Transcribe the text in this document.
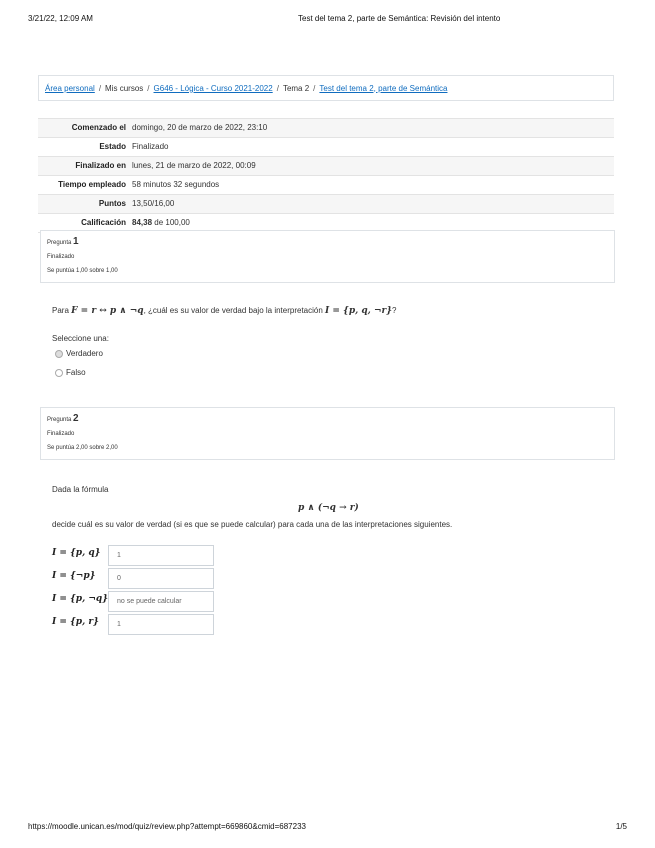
3/21/22, 12:09 AM	Test del tema 2, parte de Semántica: Revisión del intento
Área personal / Mis cursos / G646 - Lógica - Curso 2021-2022 / Tema 2 / Test del tema 2, parte de Semántica
Comenzado el	domingo, 20 de marzo de 2022, 23:10
Estado	Finalizado
Finalizado en	lunes, 21 de marzo de 2022, 00:09
Tiempo empleado	58 minutos 32 segundos
Puntos	13,50/16,00
Calificación	84,38 de 100,00
Pregunta 1
Finalizado
Se puntúa 1,00 sobre 1,00
Para F = r ↔ p ∧ ¬q, ¿cuál es su valor de verdad bajo la interpretación I = {p, q, ¬r}?
Seleccione una:
Verdadero
Falso
Pregunta 2
Finalizado
Se puntúa 2,00 sobre 2,00
Dada la fórmula
p ∧ (¬q → r)
decide cuál es su valor de verdad (si es que se puede calcular) para cada una de las interpretaciones siguientes.
I = {p, q}	1
I = {¬p}	0
I = {p, ¬q}	no se puede calcular
I = {p, r}	1
https://moodle.unican.es/mod/quiz/review.php?attempt=669860&cmid=687233	1/5
